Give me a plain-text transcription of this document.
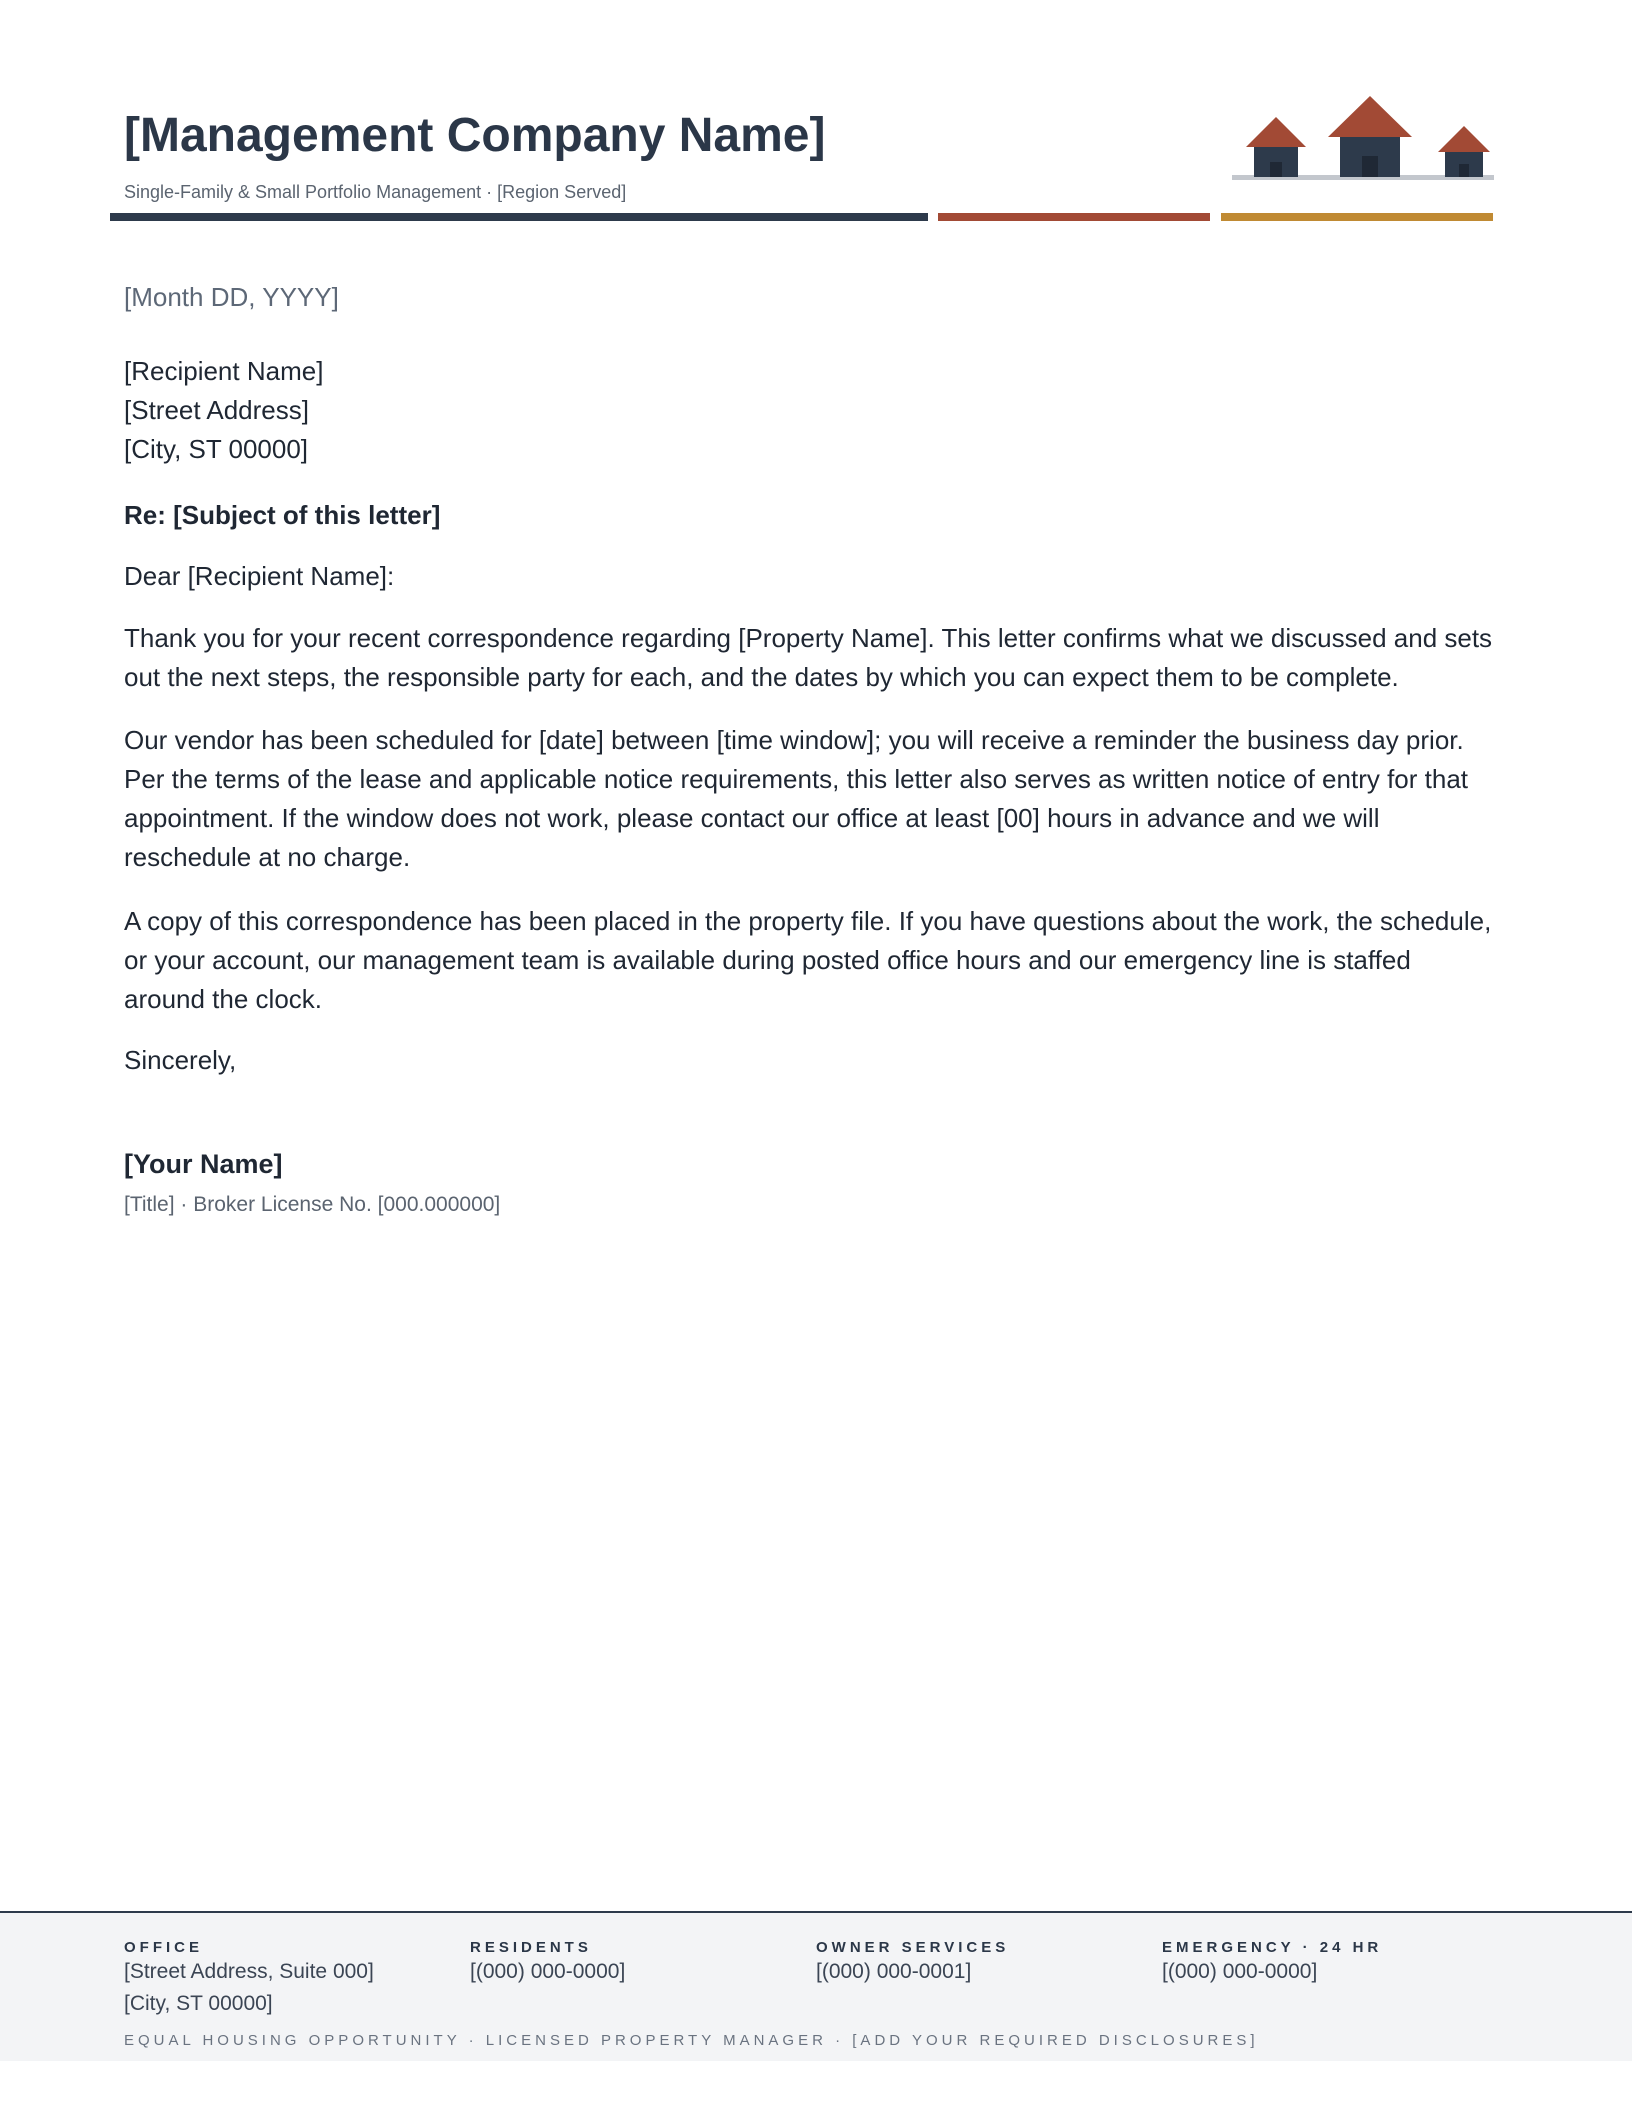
[Management Company Name]
Single-Family & Small Portfolio Management · [Region Served]
[Month DD, YYYY]
[Recipient Name]
[Street Address]
[City, ST 00000]
Re: [Subject of this letter]
Dear [Recipient Name]:

Thank you for your recent correspondence regarding [Property Name]. This letter confirms what we discussed and sets out the next steps, the responsible party for each, and the dates by which you can expect them to be complete.

Our vendor has been scheduled for [date] between [time window]; you will receive a reminder the business day prior. Per the terms of the lease and applicable notice requirements, this letter also serves as written notice of entry for that appointment. If the window does not work, please contact our office at least [00] hours in advance and we will reschedule at no charge.

A copy of this correspondence has been placed in the property file. If you have questions about the work, the schedule, or your account, our management team is available during posted office hours and our emergency line is staffed around the clock.

Sincerely,
[Your Name]
[Title] · Broker License No. [000.000000]
OFFICE
[Street Address, Suite 000]
[City, ST 00000]
RESIDENTS
[(000) 000-0000]
OWNER SERVICES
[(000) 000-0001]
EMERGENCY · 24 HR
[(000) 000-0000]
EQUAL HOUSING OPPORTUNITY · LICENSED PROPERTY MANAGER · [ADD YOUR REQUIRED DISCLOSURES]
